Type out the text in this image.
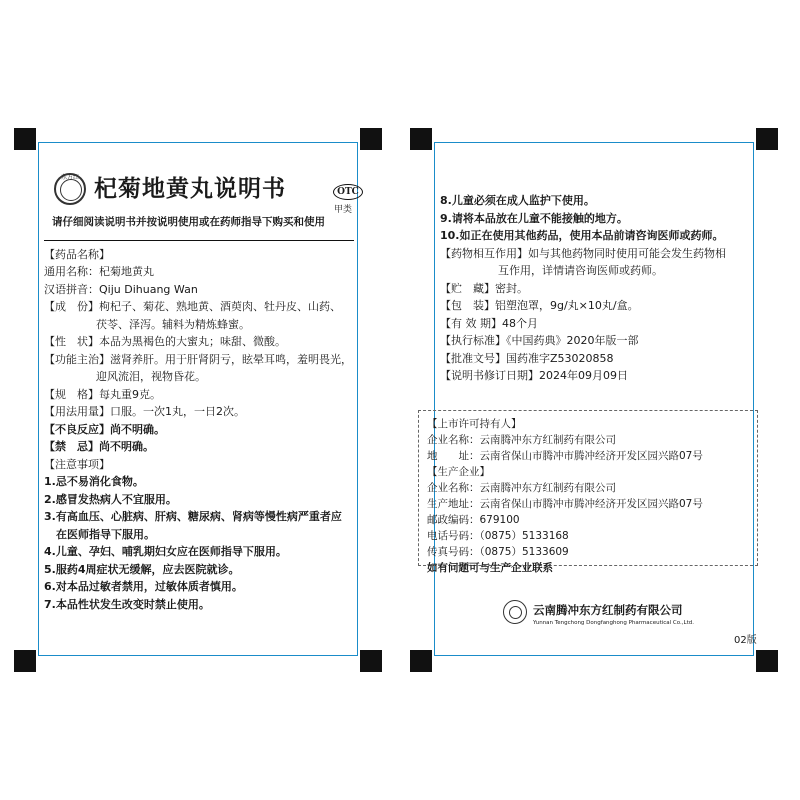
东方红 杞菊地黄丸说明书	OTC
甲类
请仔细阅读说明书并按说明使用或在药师指导下购买和使用
【药品名称】
通用名称：杞菊地黄丸
汉语拼音：Qiju Dihuang Wan
【成　份】枸杞子、菊花、熟地黄、酒萸肉、牡丹皮、山药、
茯苓、泽泻。辅料为精炼蜂蜜。
【性　状】本品为黑褐色的大蜜丸；味甜、微酸。
【功能主治】滋肾养肝。用于肝肾阴亏，眩晕耳鸣，羞明畏光，
迎风流泪，视物昏花。
【规　格】每丸重9克。
【用法用量】口服。一次1丸，一日2次。
【不良反应】尚不明确。
【禁　忌】尚不明确。
【注意事项】
1.忌不易消化食物。
2.感冒发热病人不宜服用。
3.有高血压、心脏病、肝病、糖尿病、肾病等慢性病严重者应
在医师指导下服用。
4.儿童、孕妇、哺乳期妇女应在医师指导下服用。
5.服药4周症状无缓解，应去医院就诊。
6.对本品过敏者禁用，过敏体质者慎用。
7.本品性状发生改变时禁止使用。
8.儿童必须在成人监护下使用。
9.请将本品放在儿童不能接触的地方。
10.如正在使用其他药品，使用本品前请咨询医师或药师。
【药物相互作用】如与其他药物同时使用可能会发生药物相
互作用，详情请咨询医师或药师。
【贮　藏】密封。
【包　装】铝塑泡罩，9g/丸×10丸/盒。
【有 效 期】48个月
【执行标准】《中国药典》2020年版一部
【批准文号】国药准字Z53020858
【说明书修订日期】2024年09月09日
【上市许可持有人】
企业名称：云南腾冲东方红制药有限公司
地　　址：云南省保山市腾冲市腾冲经济开发区园兴路07号
【生产企业】
企业名称：云南腾冲东方红制药有限公司
生产地址：云南省保山市腾冲市腾冲经济开发区园兴路07号
邮政编码：679100
电话号码：（0875）5133168
传真号码：（0875）5133609
如有问题可与生产企业联系
云南腾冲东方红制药有限公司
Yunnan Tengchong Dongfanghong Pharmaceutical Co.,Ltd.
02版
